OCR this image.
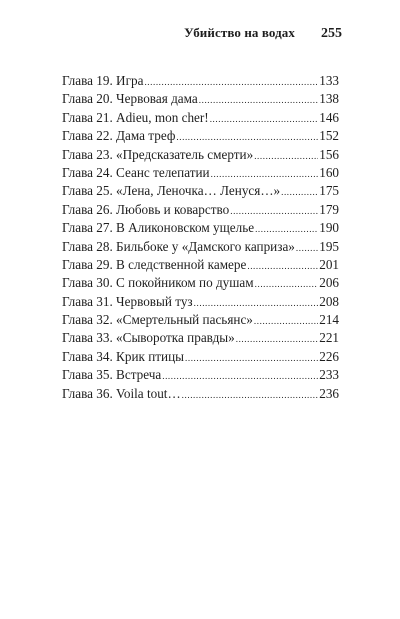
Убийство на водах 255
Глава 19. Игра .....	133
Глава 20. Червовая дама .....	138
Глава 21. Adieu, mon cher! .....	146
Глава 22. Дама треф .....	152
Глава 23. «Предсказатель смерти» .....	156
Глава 24. Сеанс телепатии .....	160
Глава 25. «Лена, Леночка… Ленуся…» .....	175
Глава 26. Любовь и коварство .....	179
Глава 27. В Аликоновском ущелье .....	190
Глава 28. Бильбоке у «Дамского каприза» ..... 195
Глава 29. В следственной камере .....	201
Глава 30. С покойником по душам .....	206
Глава 31. Червовый туз .....	208
Глава 32. «Смертельный пасьянс» .....	214
Глава 33. «Сыворотка правды» .....	221
Глава 34. Крик птицы .....	226
Глава 35. Встреча .....	233
Глава 36. Voila tout… .....	236
